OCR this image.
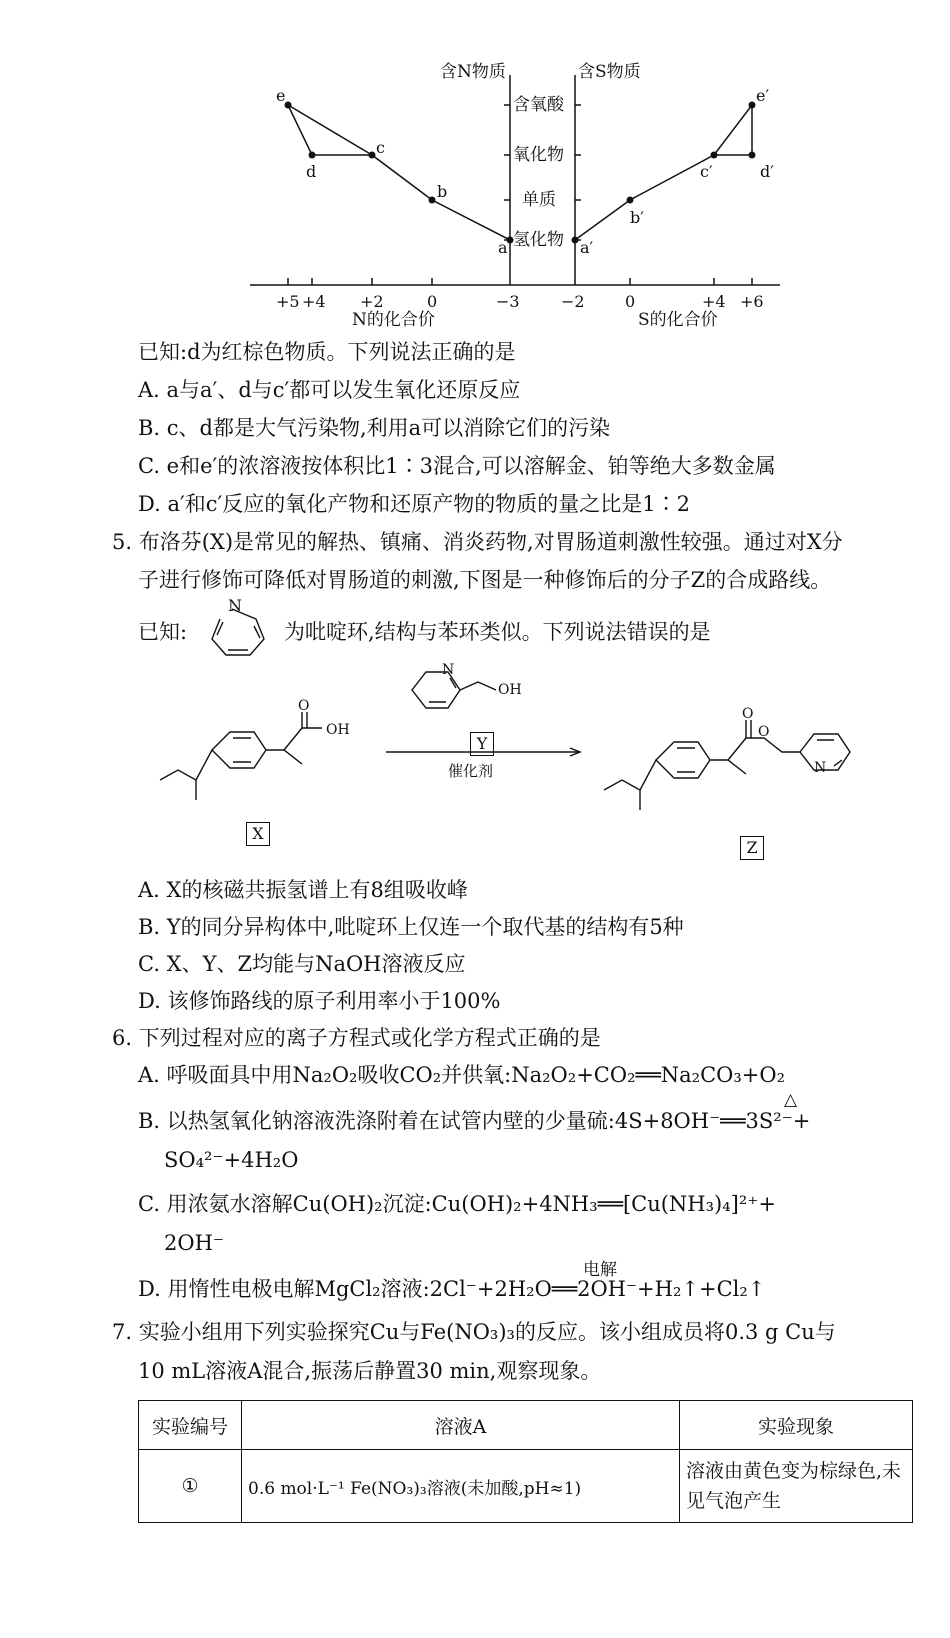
含N物质	含S物质
含氧酸
氧化物
单质
氢化物
+5 +4 +2	0	−3	−2	0	+4 +6
N的化合价	S的化合价
e
d
c
b
a
e′
d′
c′
b′
a′
已知:d为红棕色物质。下列说法正确的是
A. a与a′、d与c′都可以发生氧化还原反应
B. c、d都是大气污染物,利用a可以消除它们的污染
C. e和e′的浓溶液按体积比1∶3混合,可以溶解金、铂等绝大多数金属
D. a′和c′反应的氧化产物和还原产物的物质的量之比是1∶2
5. 布洛芬(X)是常见的解热、镇痛、消炎药物,对胃肠道刺激性较强。通过对X分
子进行修饰可降低对胃肠道的刺激,下图是一种修饰后的分子Z的合成路线。
已知:
N
为吡啶环,结构与苯环类似。下列说法错误的是
OH
O
N
OH
O
O
N
催化剂
Y
X
Z
A. X的核磁共振氢谱上有8组吸收峰
B. Y的同分异构体中,吡啶环上仅连一个取代基的结构有5种
C. X、Y、Z均能与NaOH溶液反应
D. 该修饰路线的原子利用率小于100%
6. 下列过程对应的离子方程式或化学方程式正确的是
A. 呼吸面具中用Na₂O₂吸收CO₂并供氧:Na₂O₂+CO₂══Na₂CO₃+O₂
△
B. 以热氢氧化钠溶液洗涤附着在试管内壁的少量硫:4S+8OH⁻══3S²⁻+
SO₄²⁻+4H₂O
C. 用浓氨水溶解Cu(OH)₂沉淀:Cu(OH)₂+4NH₃══[Cu(NH₃)₄]²⁺+
2OH⁻
电解
D. 用惰性电极电解MgCl₂溶液:2Cl⁻+2H₂O══2OH⁻+H₂↑+Cl₂↑
7. 实验小组用下列实验探究Cu与Fe(NO₃)₃的反应。该小组成员将0.3 g Cu与
10 mL溶液A混合,振荡后静置30 min,观察现象。
实验编号	溶液A	实验现象
①	0.6 mol·L⁻¹ Fe(NO₃)₃溶液(未加酸,pH≈1)	溶液由黄色变为棕绿色,未见气泡产生
